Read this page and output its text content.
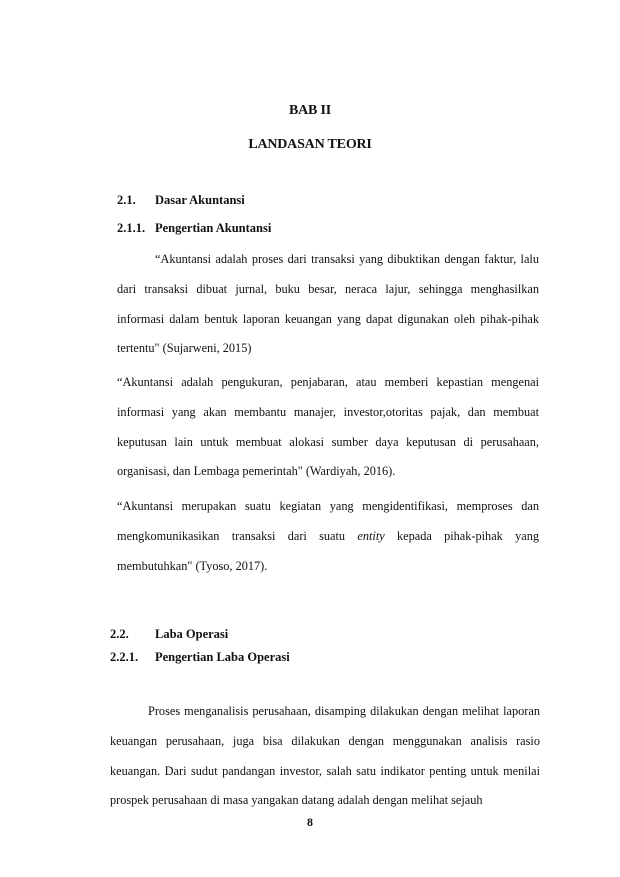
BAB II
LANDASAN TEORI
2.1. Dasar Akuntansi
2.1.1. Pengertian Akuntansi
“Akuntansi adalah proses dari transaksi yang dibuktikan dengan faktur, lalu dari transaksi dibuat jurnal, buku besar, neraca lajur, sehingga menghasilkan informasi dalam bentuk laporan keuangan yang dapat digunakan oleh pihak-pihak tertentu" (Sujarweni, 2015)
“Akuntansi adalah pengukuran, penjabaran, atau memberi kepastian mengenai informasi yang akan membantu manajer, investor,otoritas pajak, dan membuat keputusan lain untuk membuat alokasi sumber daya keputusan di perusahaan, organisasi, dan Lembaga pemerintah" (Wardiyah, 2016).
“Akuntansi merupakan suatu kegiatan yang mengidentifikasi, memproses dan mengkomunikasikan transaksi dari suatu entity kepada pihak-pihak yang membutuhkan" (Tyoso, 2017).
2.2. Laba Operasi
2.2.1. Pengertian Laba Operasi
Proses menganalisis perusahaan, disamping dilakukan dengan melihat laporan keuangan perusahaan, juga bisa dilakukan dengan menggunakan analisis rasio keuangan. Dari sudut pandangan investor, salah satu indikator penting untuk menilai prospek perusahaan di masa yangakan datang adalah dengan melihat sejauh
8
